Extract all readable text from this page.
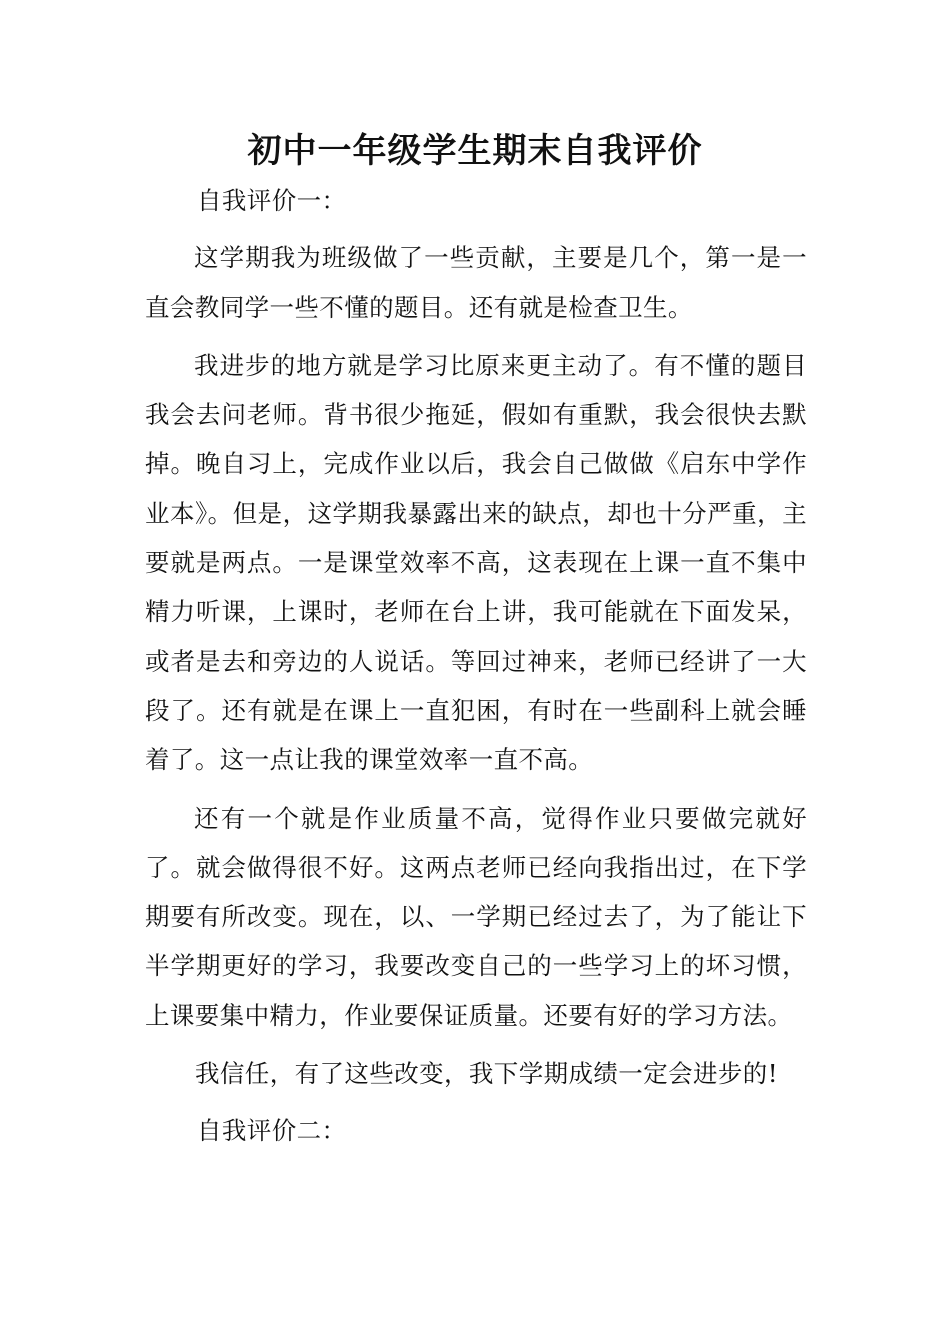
初中一年级学生期末自我评价

自我评价一：

这学期我为班级做了一些贡献，主要是几个，第一是一直会教同学一些不懂的题目。还有就是检查卫生。

我进步的地方就是学习比原来更主动了。有不懂的题目我会去问老师。背书很少拖延，假如有重默，我会很快去默掉。晚自习上，完成作业以后，我会自己做做《启东中学作业本》。但是，这学期我暴露出来的缺点，却也十分严重，主要就是两点。一是课堂效率不高，这表现在上课一直不集中精力听课，上课时，老师在台上讲，我可能就在下面发呆，或者是去和旁边的人说话。等回过神来，老师已经讲了一大段了。还有就是在课上一直犯困，有时在一些副科上就会睡着了。这一点让我的课堂效率一直不高。

还有一个就是作业质量不高，觉得作业只要做完就好了。就会做得很不好。这两点老师已经向我指出过，在下学期要有所改变。现在，以、一学期已经过去了，为了能让下半学期更好的学习，我要改变自己的一些学习上的坏习惯，上课要集中精力，作业要保证质量。还要有好的学习方法。

我信任，有了这些改变，我下学期成绩一定会进步的!

自我评价二：
